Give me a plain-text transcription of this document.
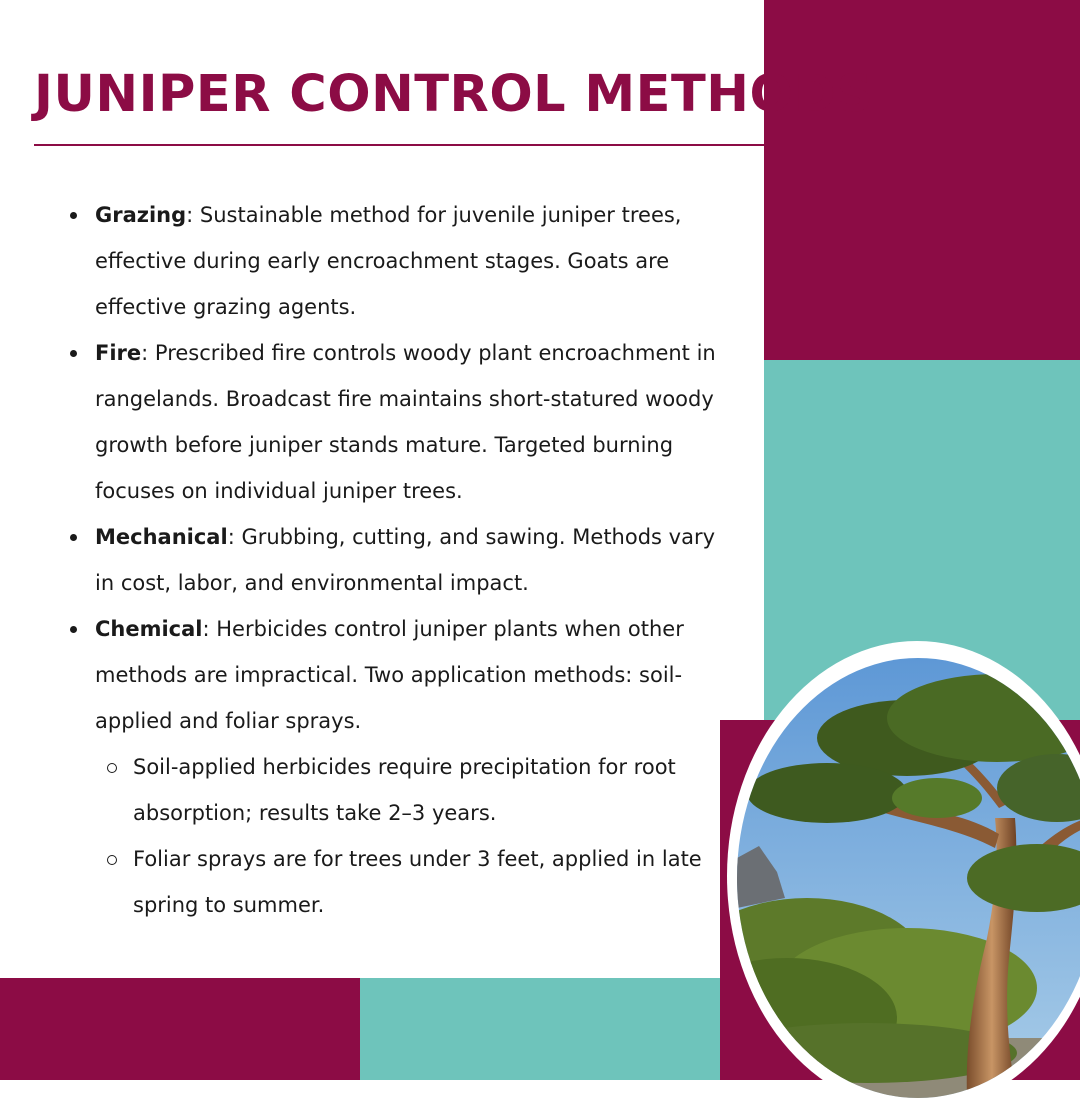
JUNIPER CONTROL METHODS
Grazing: Sustainable method for juvenile juniper trees, effective during early encroachment stages. Goats are effective grazing agents.
Fire: Prescribed fire controls woody plant encroachment in rangelands. Broadcast fire maintains short-statured woody growth before juniper stands mature. Targeted burning focuses on individual juniper trees.
Mechanical: Grubbing, cutting, and sawing. Methods vary in cost, labor, and environmental impact.
Chemical: Herbicides control juniper plants when other methods are impractical. Two application methods: soil-applied and foliar sprays.
Soil-applied herbicides require precipitation for root absorption; results take 2–3 years.
Foliar sprays are for trees under 3 feet, applied in late spring to summer.
